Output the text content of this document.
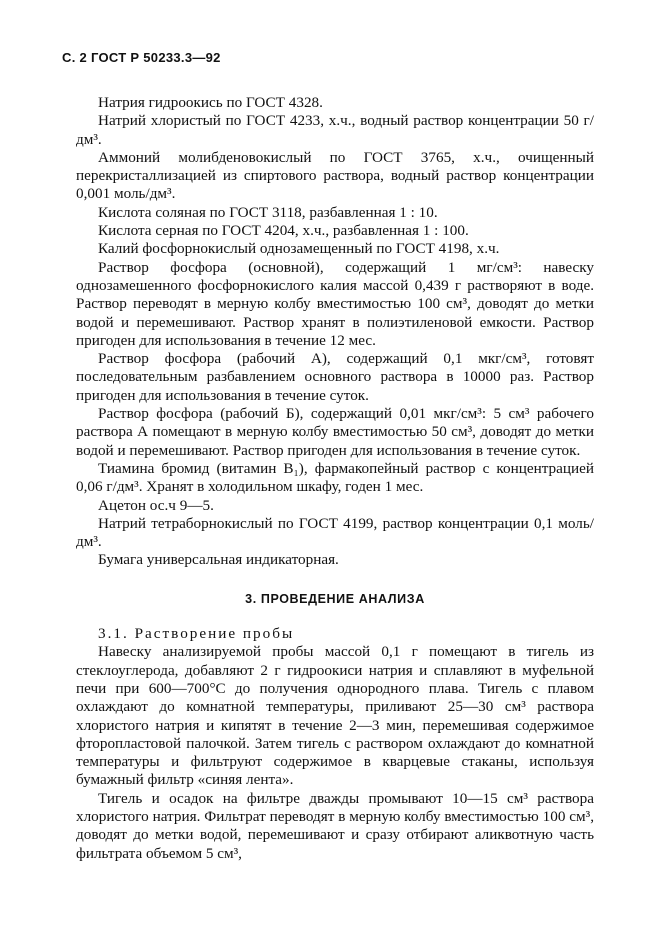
С. 2 ГОСТ Р 50233.3—92

Натрия гидроокись по ГОСТ 4328.

Натрий хлористый по ГОСТ 4233, х.ч., водный раствор концентрации 50 г/дм³.

Аммоний молибденовокислый по ГОСТ 3765, х.ч., очищенный перекристаллизацией из спиртового раствора, водный раствор концентрации 0,001 моль/дм³.

Кислота соляная по ГОСТ 3118, разбавленная 1 : 10.

Кислота серная по ГОСТ 4204, х.ч., разбавленная 1 : 100.

Калий фосфорнокислый однозамещенный по ГОСТ 4198, х.ч.

Раствор фосфора (основной), содержащий 1 мг/см³: навеску однозамешенного фосфорнокислого калия массой 0,439 г растворяют в воде. Раствор переводят в мерную колбу вместимостью 100 см³, доводят до метки водой и перемешивают. Раствор хранят в полиэтиленовой емкости. Раствор пригоден для использования в течение 12 мес.

Раствор фосфора (рабочий А), содержащий 0,1 мкг/см³, готовят последовательным разбавлением основного раствора в 10000 раз. Раствор пригоден для использования в течение суток.

Раствор фосфора (рабочий Б), содержащий 0,01 мкг/см³: 5 см³ рабочего раствора А помещают в мерную колбу вместимостью 50 см³, доводят до метки водой и перемешивают. Раствор пригоден для использования в течение суток.

Тиамина бромид (витамин B₁), фармакопейный раствор с концентрацией 0,06 г/дм³. Хранят в холодильном шкафу, годен 1 мес.

Ацетон ос.ч 9—5.

Натрий тетраборнокислый по ГОСТ 4199, раствор концентрации 0,1 моль/дм³.

Бумага универсальная индикаторная.

3. ПРОВЕДЕНИЕ АНАЛИЗА

3.1. Растворение пробы

Навеску анализируемой пробы массой 0,1 г помещают в тигель из стеклоуглерода, добавляют 2 г гидроокиси натрия и сплавляют в муфельной печи при 600—700°С до получения однородного плава. Тигель с плавом охлаждают до комнатной температуры, приливают 25—30 см³ раствора хлористого натрия и кипятят в течение 2—3 мин, перемешивая содержимое фторопластовой палочкой. Затем тигель с раствором охлаждают до комнатной температуры и фильтруют содержимое в кварцевые стаканы, используя бумажный фильтр «синяя лента».

Тигель и осадок на фильтре дважды промывают 10—15 см³ раствора хлористого натрия. Фильтрат переводят в мерную колбу вместимостью 100 см³, доводят до метки водой, перемешивают и сразу отбирают аликвотную часть фильтрата объемом 5 см³,
